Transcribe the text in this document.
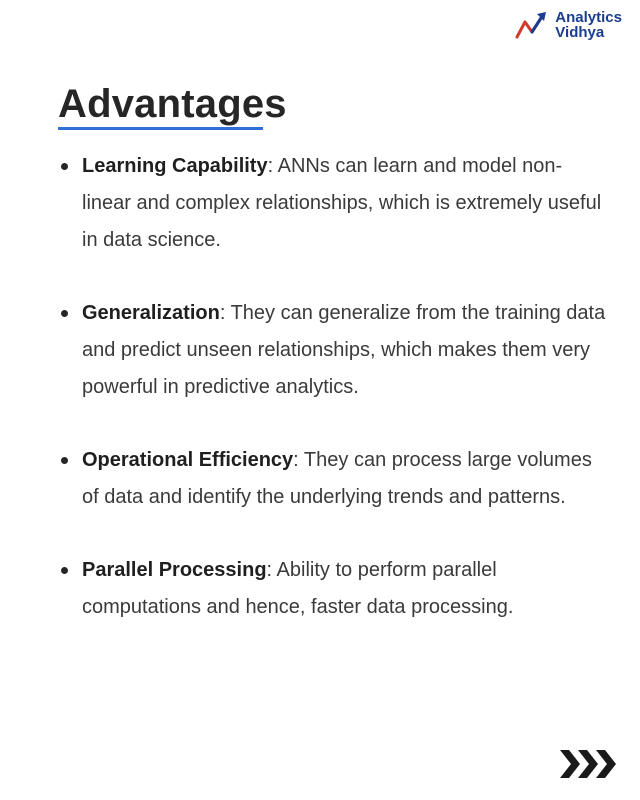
Analytics
Vidhya
Advantages
Learning Capability: ANNs can learn and model non-linear and complex relationships, which is extremely useful in data science.
Generalization: They can generalize from the training data and predict unseen relationships, which makes them very powerful in predictive analytics.
Operational Efficiency: They can process large volumes of data and identify the underlying trends and patterns.
Parallel Processing: Ability to perform parallel computations and hence, faster data processing.
